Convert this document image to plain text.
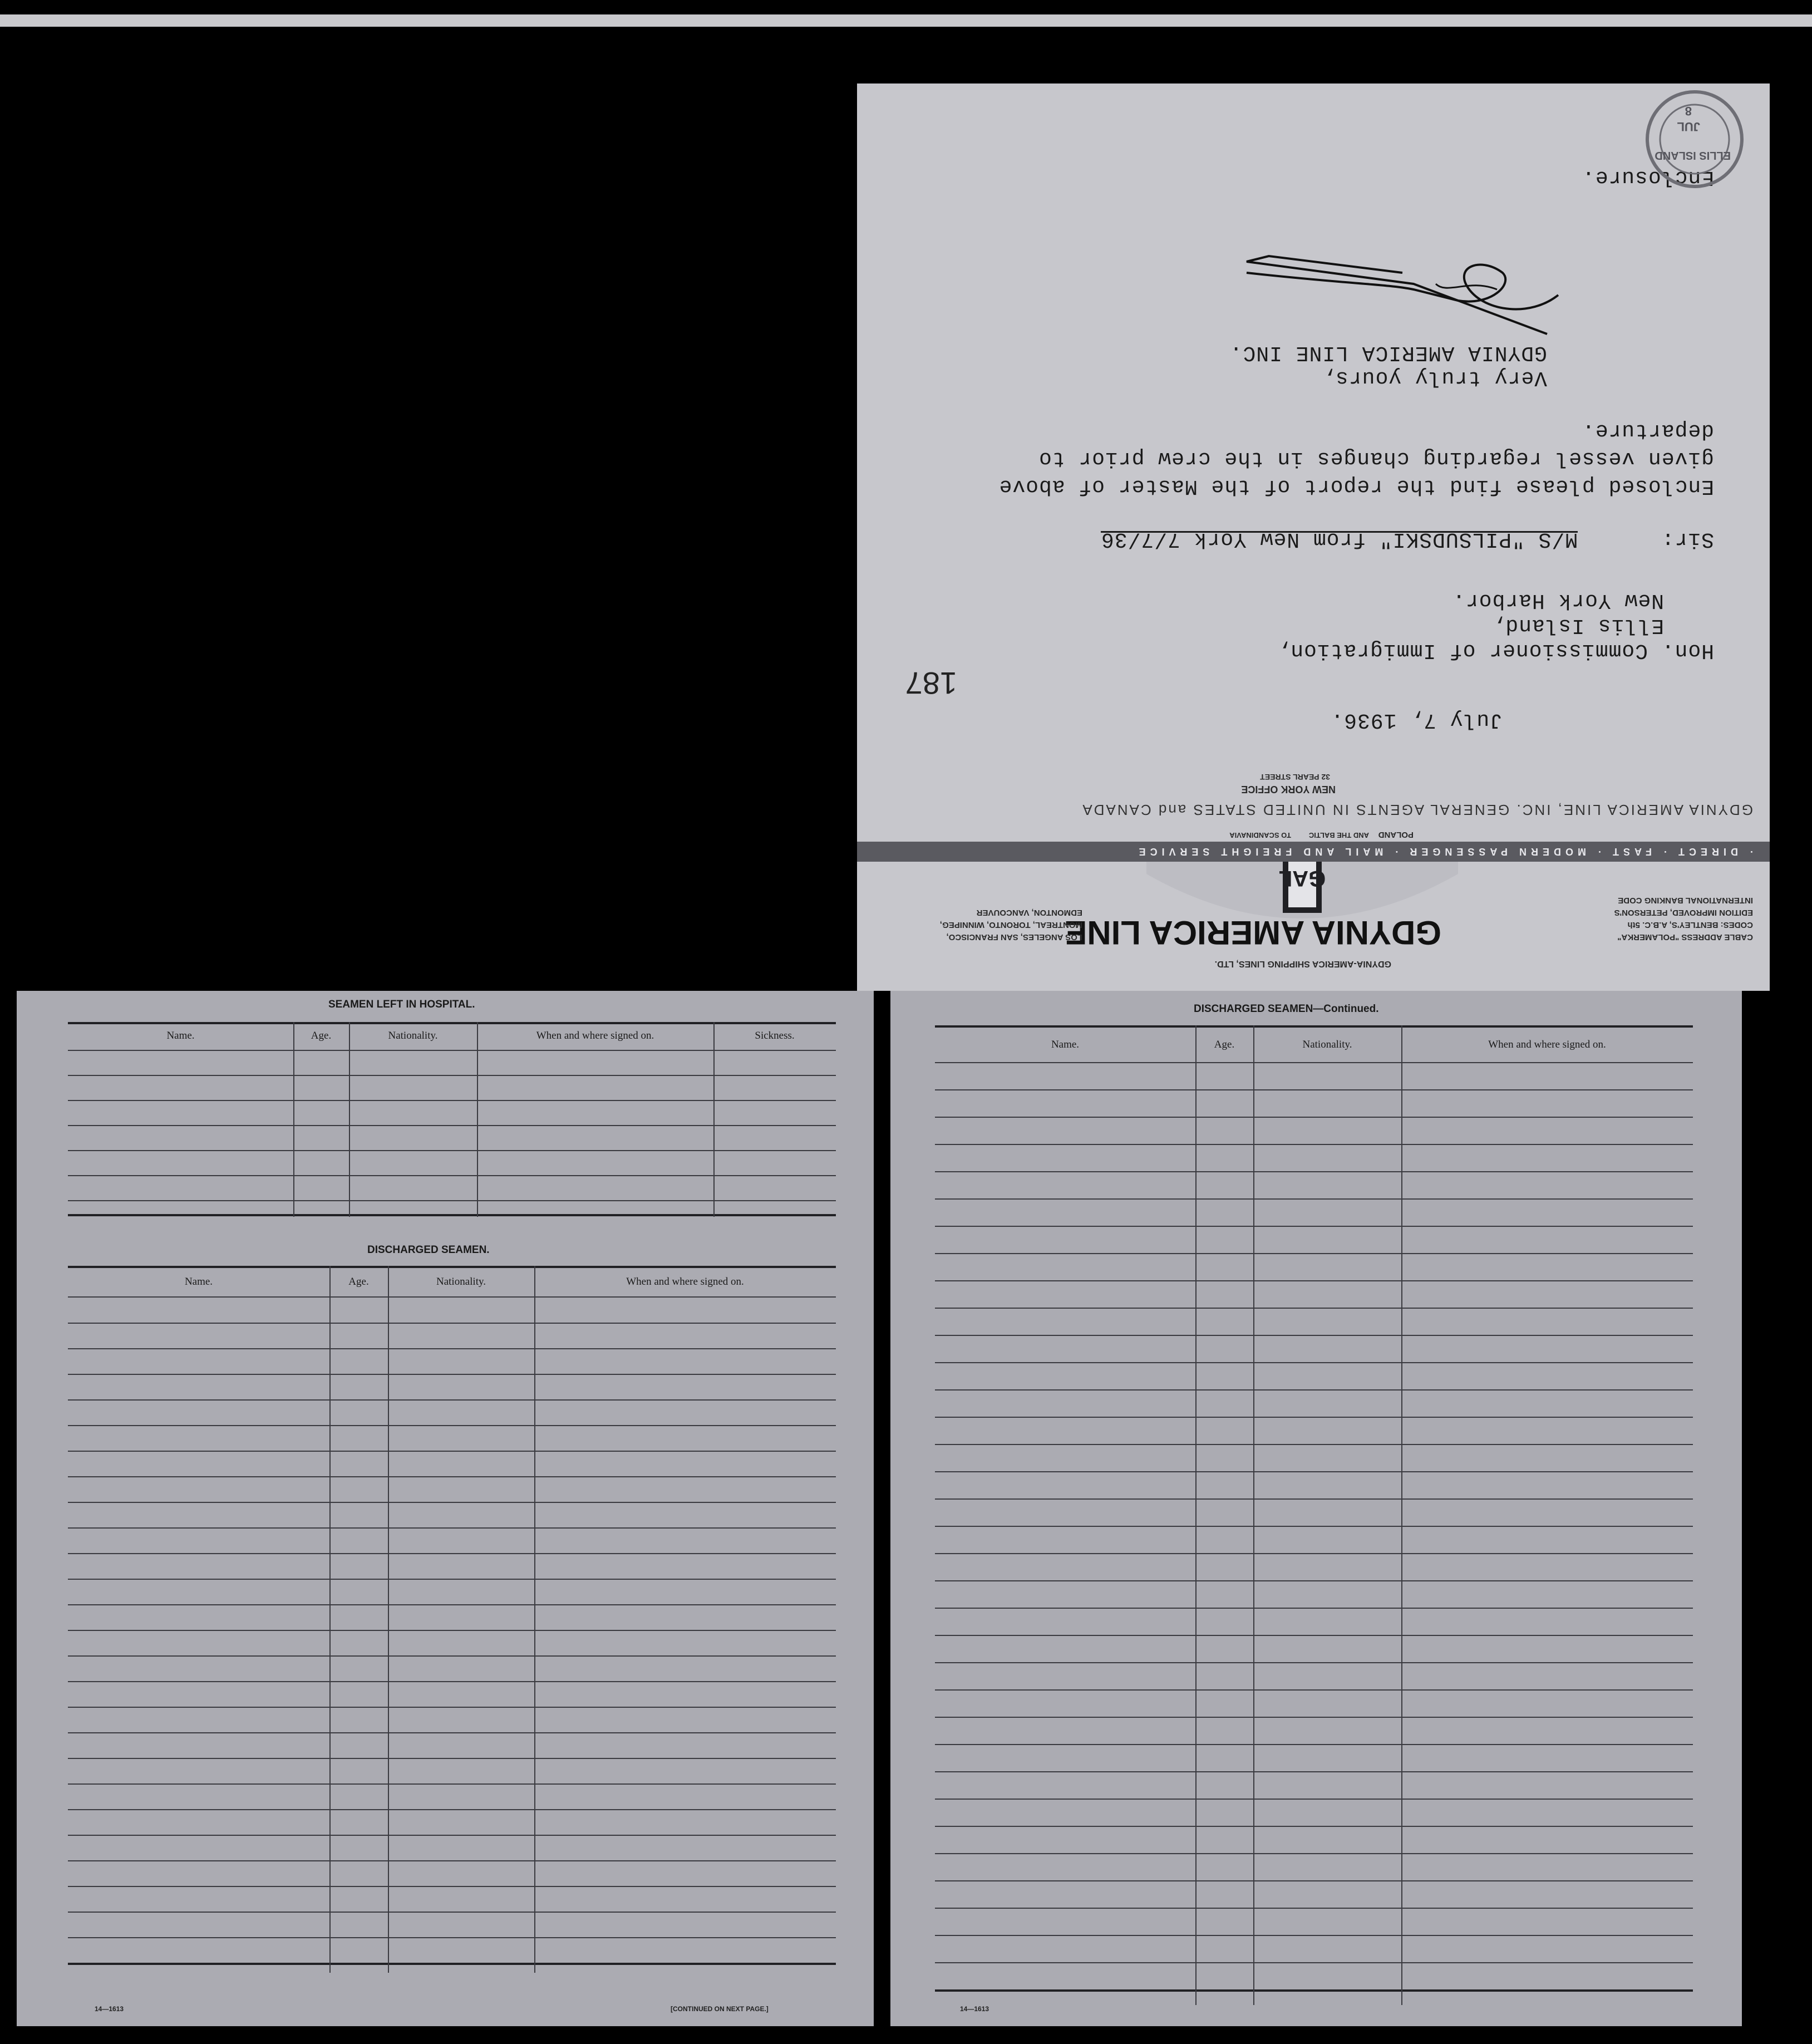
CABLE ADDRESS "POLAMERKA"
CODES: BENTLEY'S, A.B.C. 5th
EDITION IMPROVED, PETERSON'S
INTERNATIONAL BANKING CODE
GAL
GDYNIA AMERICA LINE
GDYNIA-AMERICA SHIPPING LINES, LTD.
LOS ANGELES, SAN FRANCISCO,
MONTREAL, TORONTO, WINNIPEG,
EDMONTON, VANCOUVER
· DIRECT · FAST · MODERN PASSENGER · MAIL AND FREIGHT SERVICE
POLAND
AND THE BALTIC
TO SCANDINAVIA
GDYNIA AMERICA LINE, INC. GENERAL AGENTS IN UNITED STATES and CANADA
NEW YORK OFFICE
32 PEARL STREET
July 7, 1936.
187
Hon. Commissioner of Immigration,
Ellis Island,
New York Harbor.
Sir:
M/S "PILSUDSKI" from New York 7/7/36
Enclosed please find the report of the Master of above
given vessel regarding changes in the crew prior to
departure.
Very truly yours,
GDYNIA AMERICA LINE INC.
Enclosure.
ELLIS ISLAND
JUL
8
SEAMEN LEFT IN HOSPITAL.
Name.	Age.	Nationality.	When and where signed on.	Sickness.
DISCHARGED SEAMEN.
Name.	Age.	Nationality.	When and where signed on.
14—1613	[CONTINUED ON NEXT PAGE.]
DISCHARGED SEAMEN—Continued.
Name.	Age.	Nationality.	When and where signed on.
14—1613
